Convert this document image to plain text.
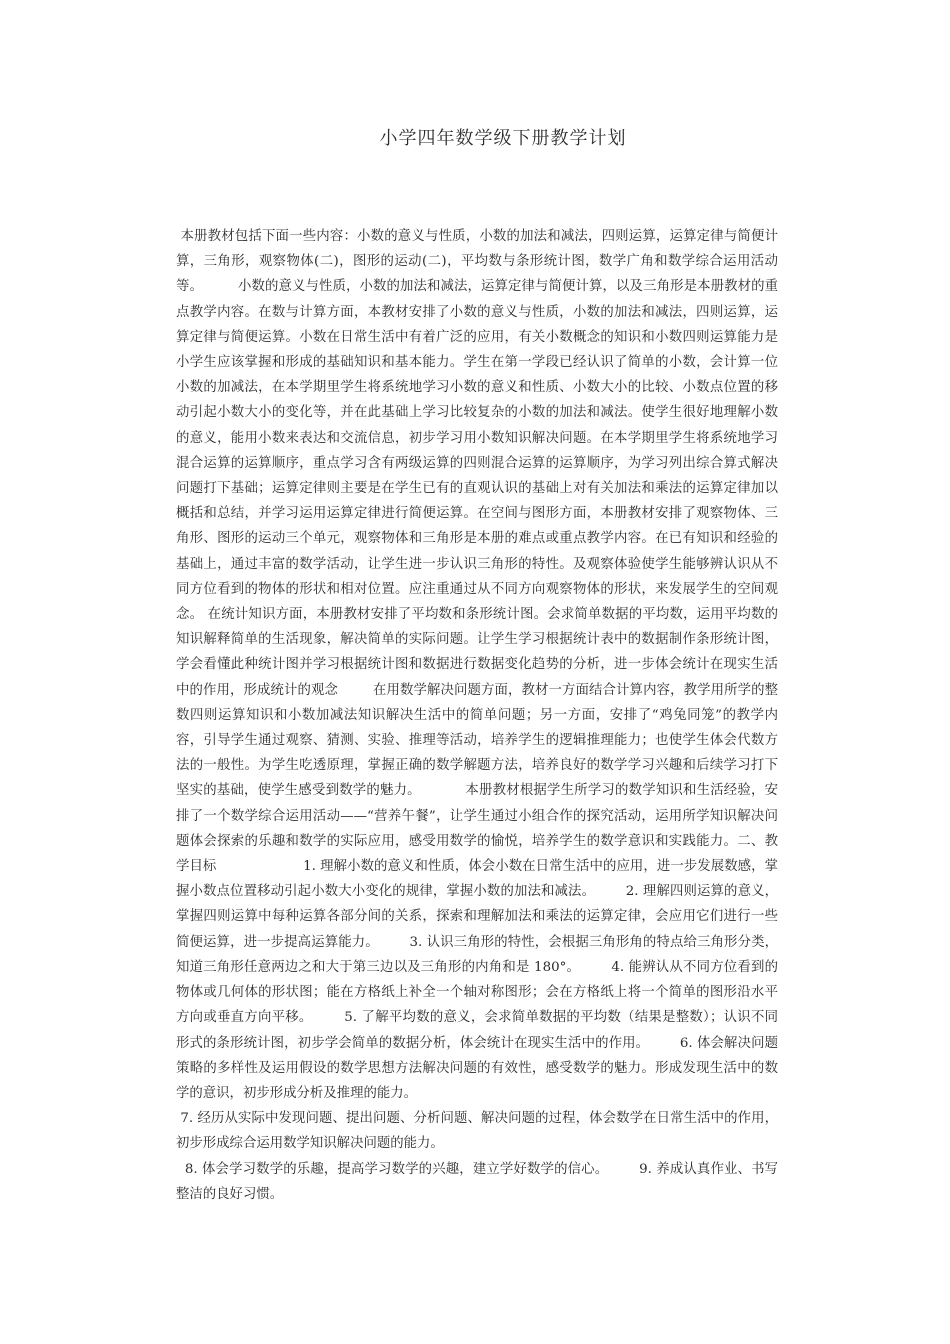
小学四年数学级下册教学计划

本册教材包括下面一些内容：小数的意义与性质，小数的加法和减法，四则运算，运算定律与简便计算，三角形，观察物体(二)，图形的运动(二)，平均数与条形统计图，数学广角和数学综合运用活动等。        小数的意义与性质，小数的加法和减法，运算定律与简便计算，以及三角形是本册教材的重点教学内容。在数与计算方面，本教材安排了小数的意义与性质，小数的加法和减法，四则运算，运算定律与简便运算。小数在日常生活中有着广泛的应用，有关小数概念的知识和小数四则运算能力是小学生应该掌握和形成的基础知识和基本能力。学生在第一学段已经认识了简单的小数，会计算一位小数的加减法，在本学期里学生将系统地学习小数的意义和性质、小数大小的比较、小数点位置的移动引起小数大小的变化等，并在此基础上学习比较复杂的小数的加法和减法。使学生很好地理解小数的意义，能用小数来表达和交流信息，初步学习用小数知识解决问题。在本学期里学生将系统地学习混合运算的运算顺序，重点学习含有两级运算的四则混合运算的运算顺序，为学习列出综合算式解决问题打下基础；运算定律则主要是在学生已有的直观认识的基础上对有关加法和乘法的运算定律加以概括和总结，并学习运用运算定律进行简便运算。在空间与图形方面，本册教材安排了观察物体、三角形、图形的运动三个单元，观察物体和三角形是本册的难点或重点教学内容。在已有知识和经验的基础上，通过丰富的数学活动，让学生进一步认识三角形的特性。及观察体验使学生能够辨认识从不同方位看到的物体的形状和相对位置。应注重通过从不同方向观察物体的形状，来发展学生的空间观念。 在统计知识方面，本册教材安排了平均数和条形统计图。会求简单数据的平均数，运用平均数的知识解释简单的生活现象，解决简单的实际问题。让学生学习根据统计表中的数据制作条形统计图，学会看懂此种统计图并学习根据统计图和数据进行数据变化趋势的分析，进一步体会统计在现实生活中的作用，形成统计的观念        在用数学解决问题方面，教材一方面结合计算内容，教学用所学的整数四则运算知识和小数加减法知识解决生活中的简单问题；另一方面，安排了“鸡兔同笼”的教学内容，引导学生通过观察、猜测、实验、推理等活动，培养学生的逻辑推理能力；也使学生体会代数方法的一般性。为学生吃透原理，掌握正确的数学解题方法，培养良好的数学学习兴趣和后续学习打下坚实的基础，使学生感受到数学的魅力。          本册教材根据学生所学习的数学知识和生活经验，安排了一个数学综合运用活动——“营养午餐”，让学生通过小组合作的探究活动，运用所学知识解决问题体会探索的乐趣和数学的实际应用，感受用数学的愉悦，培养学生的数学意识和实践能力。二、教学目标                    1. 理解小数的意义和性质，体会小数在日常生活中的应用，进一步发展数感，掌握小数点位置移动引起小数大小变化的规律，掌握小数的加法和减法。       2. 理解四则运算的意义，掌握四则运算中每种运算各部分间的关系，探索和理解加法和乘法的运算定律，会应用它们进行一些简便运算，进一步提高运算能力。       3. 认识三角形的特性，会根据三角形角的特点给三角形分类，知道三角形任意两边之和大于第三边以及三角形的内角和是 180°。       4. 能辨认从不同方位看到的物体或几何体的形状图；能在方格纸上补全一个轴对称图形；会在方格纸上将一个简单的图形沿水平方向或垂直方向平移。       5. 了解平均数的意义，会求简单数据的平均数（结果是整数）；认识不同形式的条形统计图，初步学会简单的数据分析，体会统计在现实生活中的作用。       6. 体会解决问题策略的多样性及运用假设的数学思想方法解决问题的有效性，感受数学的魅力。形成发现生活中的数学的意识，初步形成分析及推理的能力。

7. 经历从实际中发现问题、提出问题、分析问题、解决问题的过程，体会数学在日常生活中的作用，初步形成综合运用数学知识解决问题的能力。

8. 体会学习数学的乐趣，提高学习数学的兴趣，建立学好数学的信心。       9. 养成认真作业、书写整洁的良好习惯。
